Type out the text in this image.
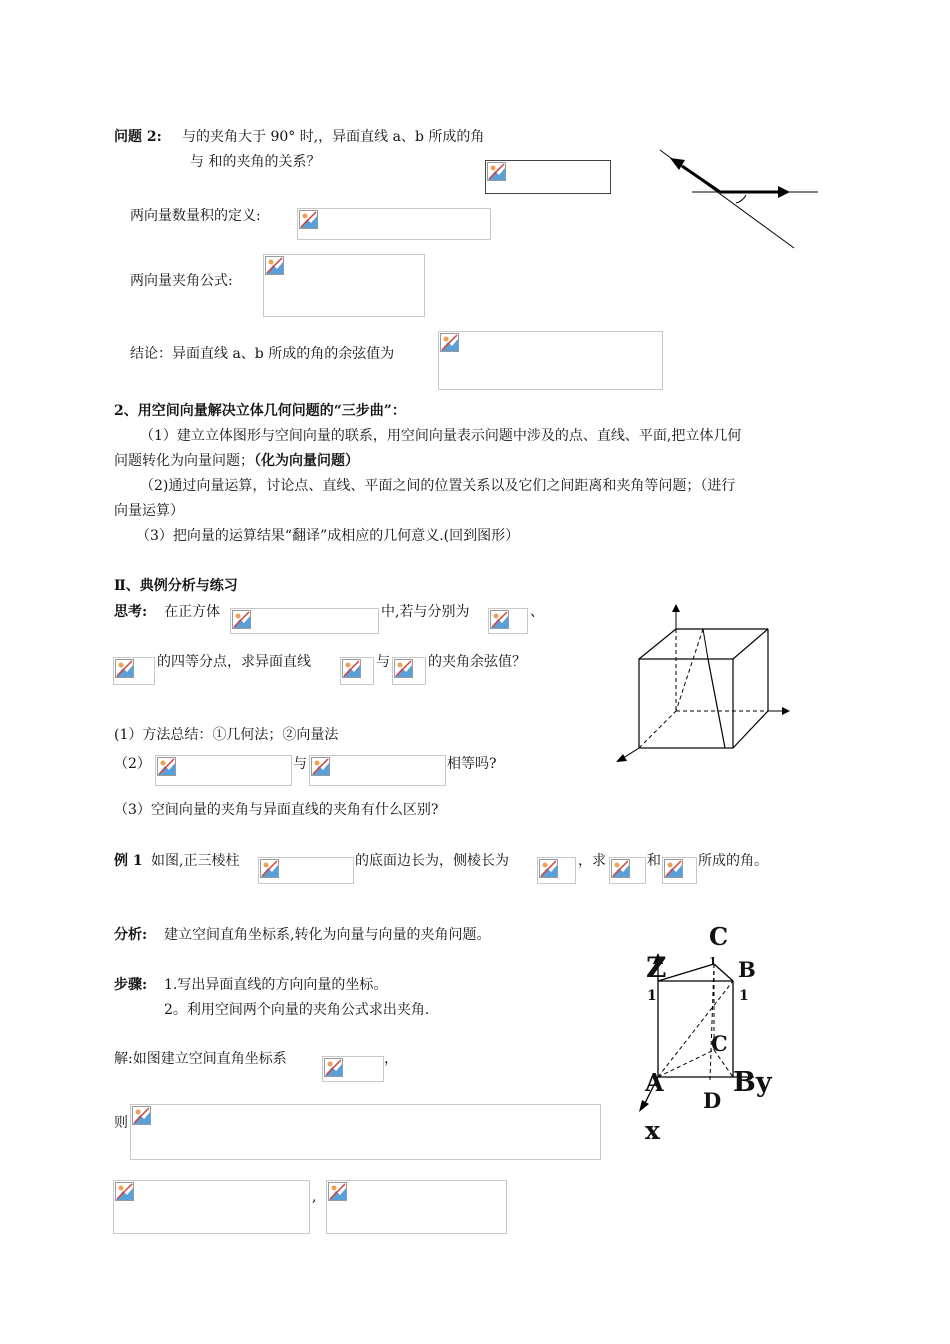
问题 2: 与的夹角大于 90° 时,，异面直线 a、b 所成的角
与 和的夹角的关系？
两向量数量积的定义:
两向量夹角公式:
结论：异面直线 a、b 所成的角的余弦值为
2、用空间向量解决立体几何问题的“三步曲”：
（1）建立立体图形与空间向量的联系，用空间向量表示问题中涉及的点、直线、平面,把立体几何
问题转化为向量问题；（化为向量问题）
（2)通过向量运算，讨论点、直线、平面之间的位置关系以及它们之间距离和夹角等问题；（进行
向量运算）
（3）把向量的运算结果“翻译”成相应的几何意义.(回到图形）
Ⅱ、典例分析与练习
思考: 在正方体	中,若与分别为	、
的四等分点，求异面直线	与	的夹角余弦值？
(1）方法总结：①几何法；②向量法
（2）	与	相等吗?
（3）空间向量的夹角与异面直线的夹角有什么区别?
例 1 如图,正三棱柱	的底面边长为，侧棱长为	，求	和	所成的角。
分析: 建立空间直角坐标系,转化为向量与向量的夹角问题。
步骤: 1.写出异面直线的方向向量的坐标。
2。利用空间两个向量的夹角公式求出夹角.
解:如图建立空间直角坐标系	，
则
,
C
1
Z	B
1	1
C
A	By
D
x
